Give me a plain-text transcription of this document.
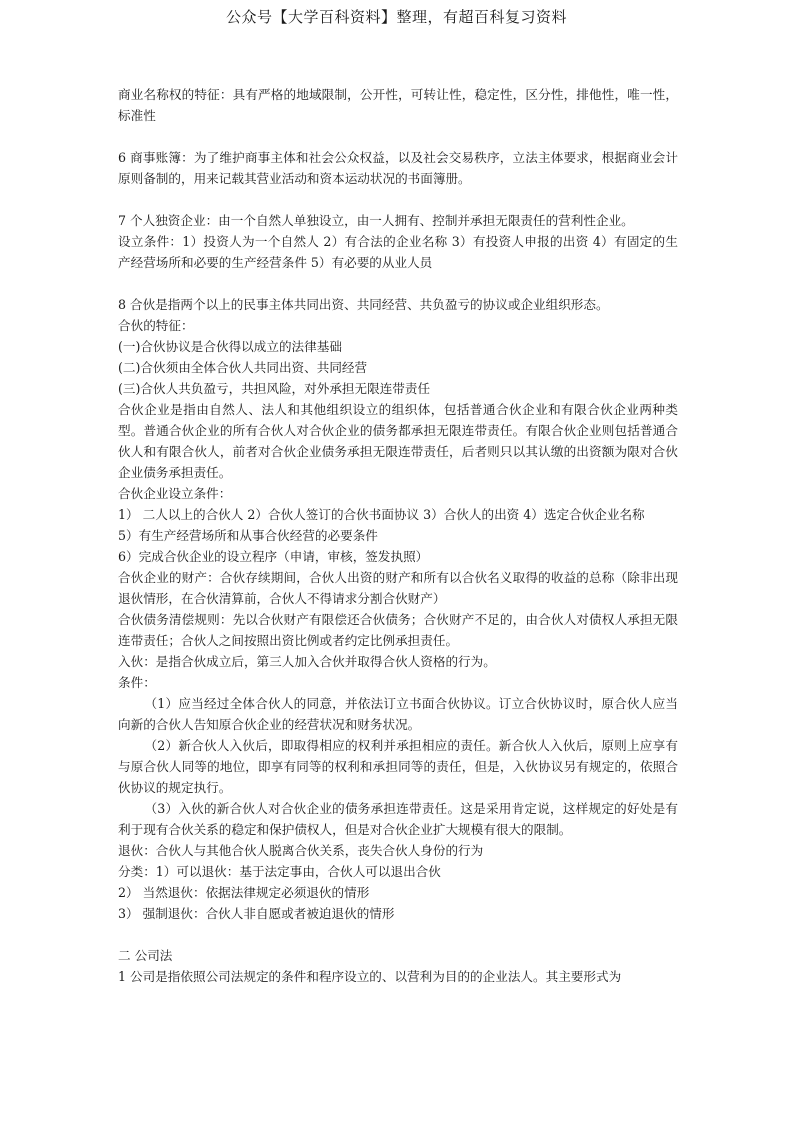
公众号【大学百科资料】整理，有超百科复习资料

商业名称权的特征：具有严格的地域限制，公开性，可转让性，稳定性，区分性，排他性，唯一性，标准性

6 商事账簿：为了维护商事主体和社会公众权益，以及社会交易秩序，立法主体要求，根据商业会计原则备制的，用来记载其营业活动和资本运动状况的书面簿册。

7 个人独资企业：由一个自然人单独设立，由一人拥有、控制并承担无限责任的营利性企业。

设立条件：1）投资人为一个自然人 2）有合法的企业名称 3）有投资人申报的出资 4）有固定的生产经营场所和必要的生产经营条件 5）有必要的从业人员

8 合伙是指两个以上的民事主体共同出资、共同经营、共负盈亏的协议或企业组织形态。

合伙的特征：

(一)合伙协议是合伙得以成立的法律基础

(二)合伙须由全体合伙人共同出资、共同经营

(三)合伙人共负盈亏，共担风险，对外承担无限连带责任

合伙企业是指由自然人、法人和其他组织设立的组织体，包括普通合伙企业和有限合伙企业两种类型。普通合伙企业的所有合伙人对合伙企业的债务都承担无限连带责任。有限合伙企业则包括普通合伙人和有限合伙人，前者对合伙企业债务承担无限连带责任，后者则只以其认缴的出资额为限对合伙企业债务承担责任。

合伙企业设立条件：

1） 二人以上的合伙人 2）合伙人签订的合伙书面协议 3）合伙人的出资 4）选定合伙企业名称

5）有生产经营场所和从事合伙经营的必要条件

6）完成合伙企业的设立程序（申请，审核，签发执照）

合伙企业的财产：合伙存续期间，合伙人出资的财产和所有以合伙名义取得的收益的总称（除非出现退伙情形，在合伙清算前，合伙人不得请求分割合伙财产）

合伙债务清偿规则：先以合伙财产有限偿还合伙债务；合伙财产不足的，由合伙人对债权人承担无限连带责任；合伙人之间按照出资比例或者约定比例承担责任。

入伙：是指合伙成立后，第三人加入合伙并取得合伙人资格的行为。

条件：

（1）应当经过全体合伙人的同意，并依法订立书面合伙协议。订立合伙协议时，原合伙人应当向新的合伙人告知原合伙企业的经营状况和财务状况。

（2）新合伙人入伙后，即取得相应的权利并承担相应的责任。新合伙人入伙后，原则上应享有与原合伙人同等的地位，即享有同等的权利和承担同等的责任，但是，入伙协议另有规定的，依照合伙协议的规定执行。

（3）入伙的新合伙人对合伙企业的债务承担连带责任。这是采用肯定说，这样规定的好处是有利于现有合伙关系的稳定和保护债权人，但是对合伙企业扩大规模有很大的限制。

退伙：合伙人与其他合伙人脱离合伙关系，丧失合伙人身份的行为

分类：1）可以退伙：基于法定事由，合伙人可以退出合伙

2） 当然退伙：依据法律规定必须退伙的情形

3） 强制退伙：合伙人非自愿或者被迫退伙的情形

二 公司法

1 公司是指依照公司法规定的条件和程序设立的、以营利为目的的企业法人。其主要形式为
